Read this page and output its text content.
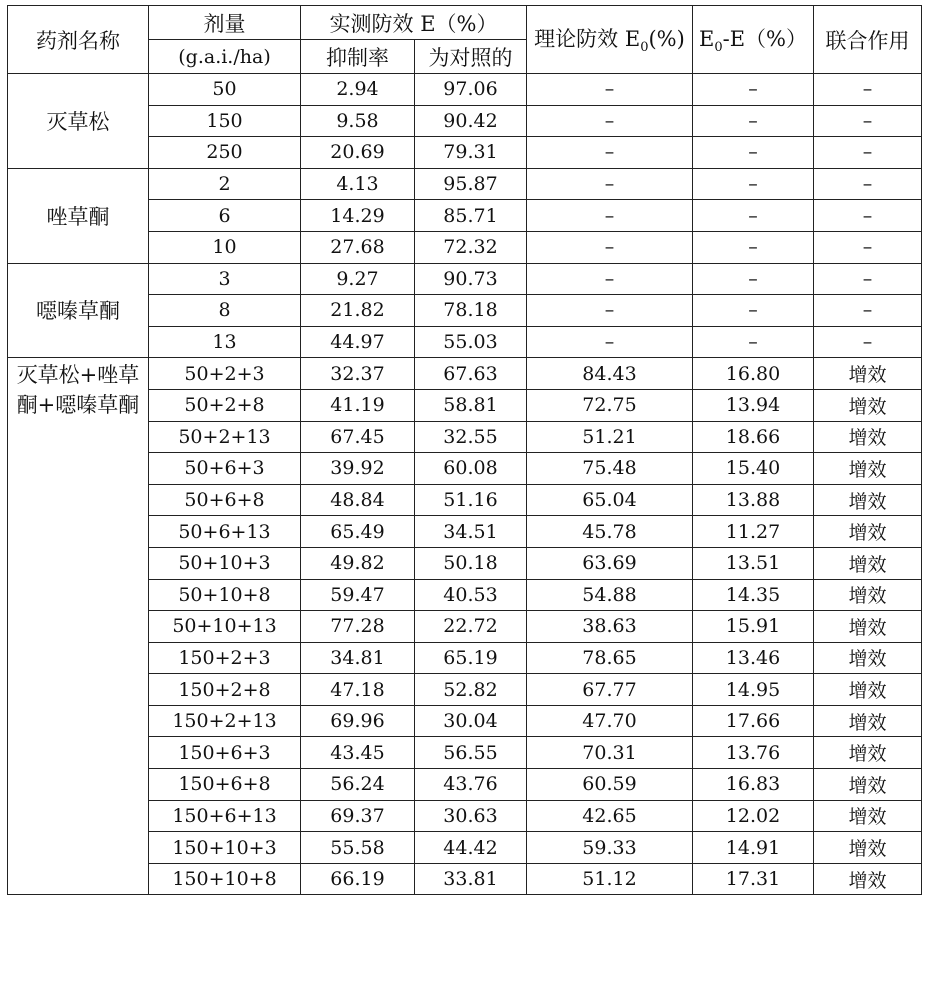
药剂名称	剂量	实测防效 E（%）		理论防效 $E_0(\%)$	$E_0-E(\%)$	联合作用
	(g.a.i./ha)	抑制率	为对照的			
灭草松	50	2.94	97.06	–	–	–
	150	9.58	90.42	–	–	–
	250	20.69	79.31	–	–	–
唑草酮	2	4.13	95.87	–	–	–
	6	14.29	85.71	–	–	–
	10	27.68	72.32	–	–	–
噁嗪草酮	3	9.27	90.73	–	–	–
	8	21.82	78.18	–	–	–
	13	44.97	55.03	–	–	–
灭草松+唑草酮+噁嗪草酮	50+2+3	32.37	67.63	84.43	16.80	增效
	50+2+8	41.19	58.81	72.75	13.94	增效
	50+2+13	67.45	32.55	51.21	18.66	增效
	50+6+3	39.92	60.08	75.48	15.40	增效
	50+6+8	48.84	51.16	65.04	13.88	增效
	50+6+13	65.49	34.51	45.78	11.27	增效
	50+10+3	49.82	50.18	63.69	13.51	增效
	50+10+8	59.47	40.53	54.88	14.35	增效
	50+10+13	77.28	22.72	38.63	15.91	增效
	150+2+3	34.81	65.19	78.65	13.46	增效
	150+2+8	47.18	52.82	67.77	14.95	增效
	150+2+13	69.96	30.04	47.70	17.66	增效
	150+6+3	43.45	56.55	70.31	13.76	增效
	150+6+8	56.24	43.76	60.59	16.83	增效
	150+6+13	69.37	30.63	42.65	12.02	增效
	150+10+3	55.58	44.42	59.33	14.91	增效
	150+10+8	66.19	33.81	51.12	17.31	增效
